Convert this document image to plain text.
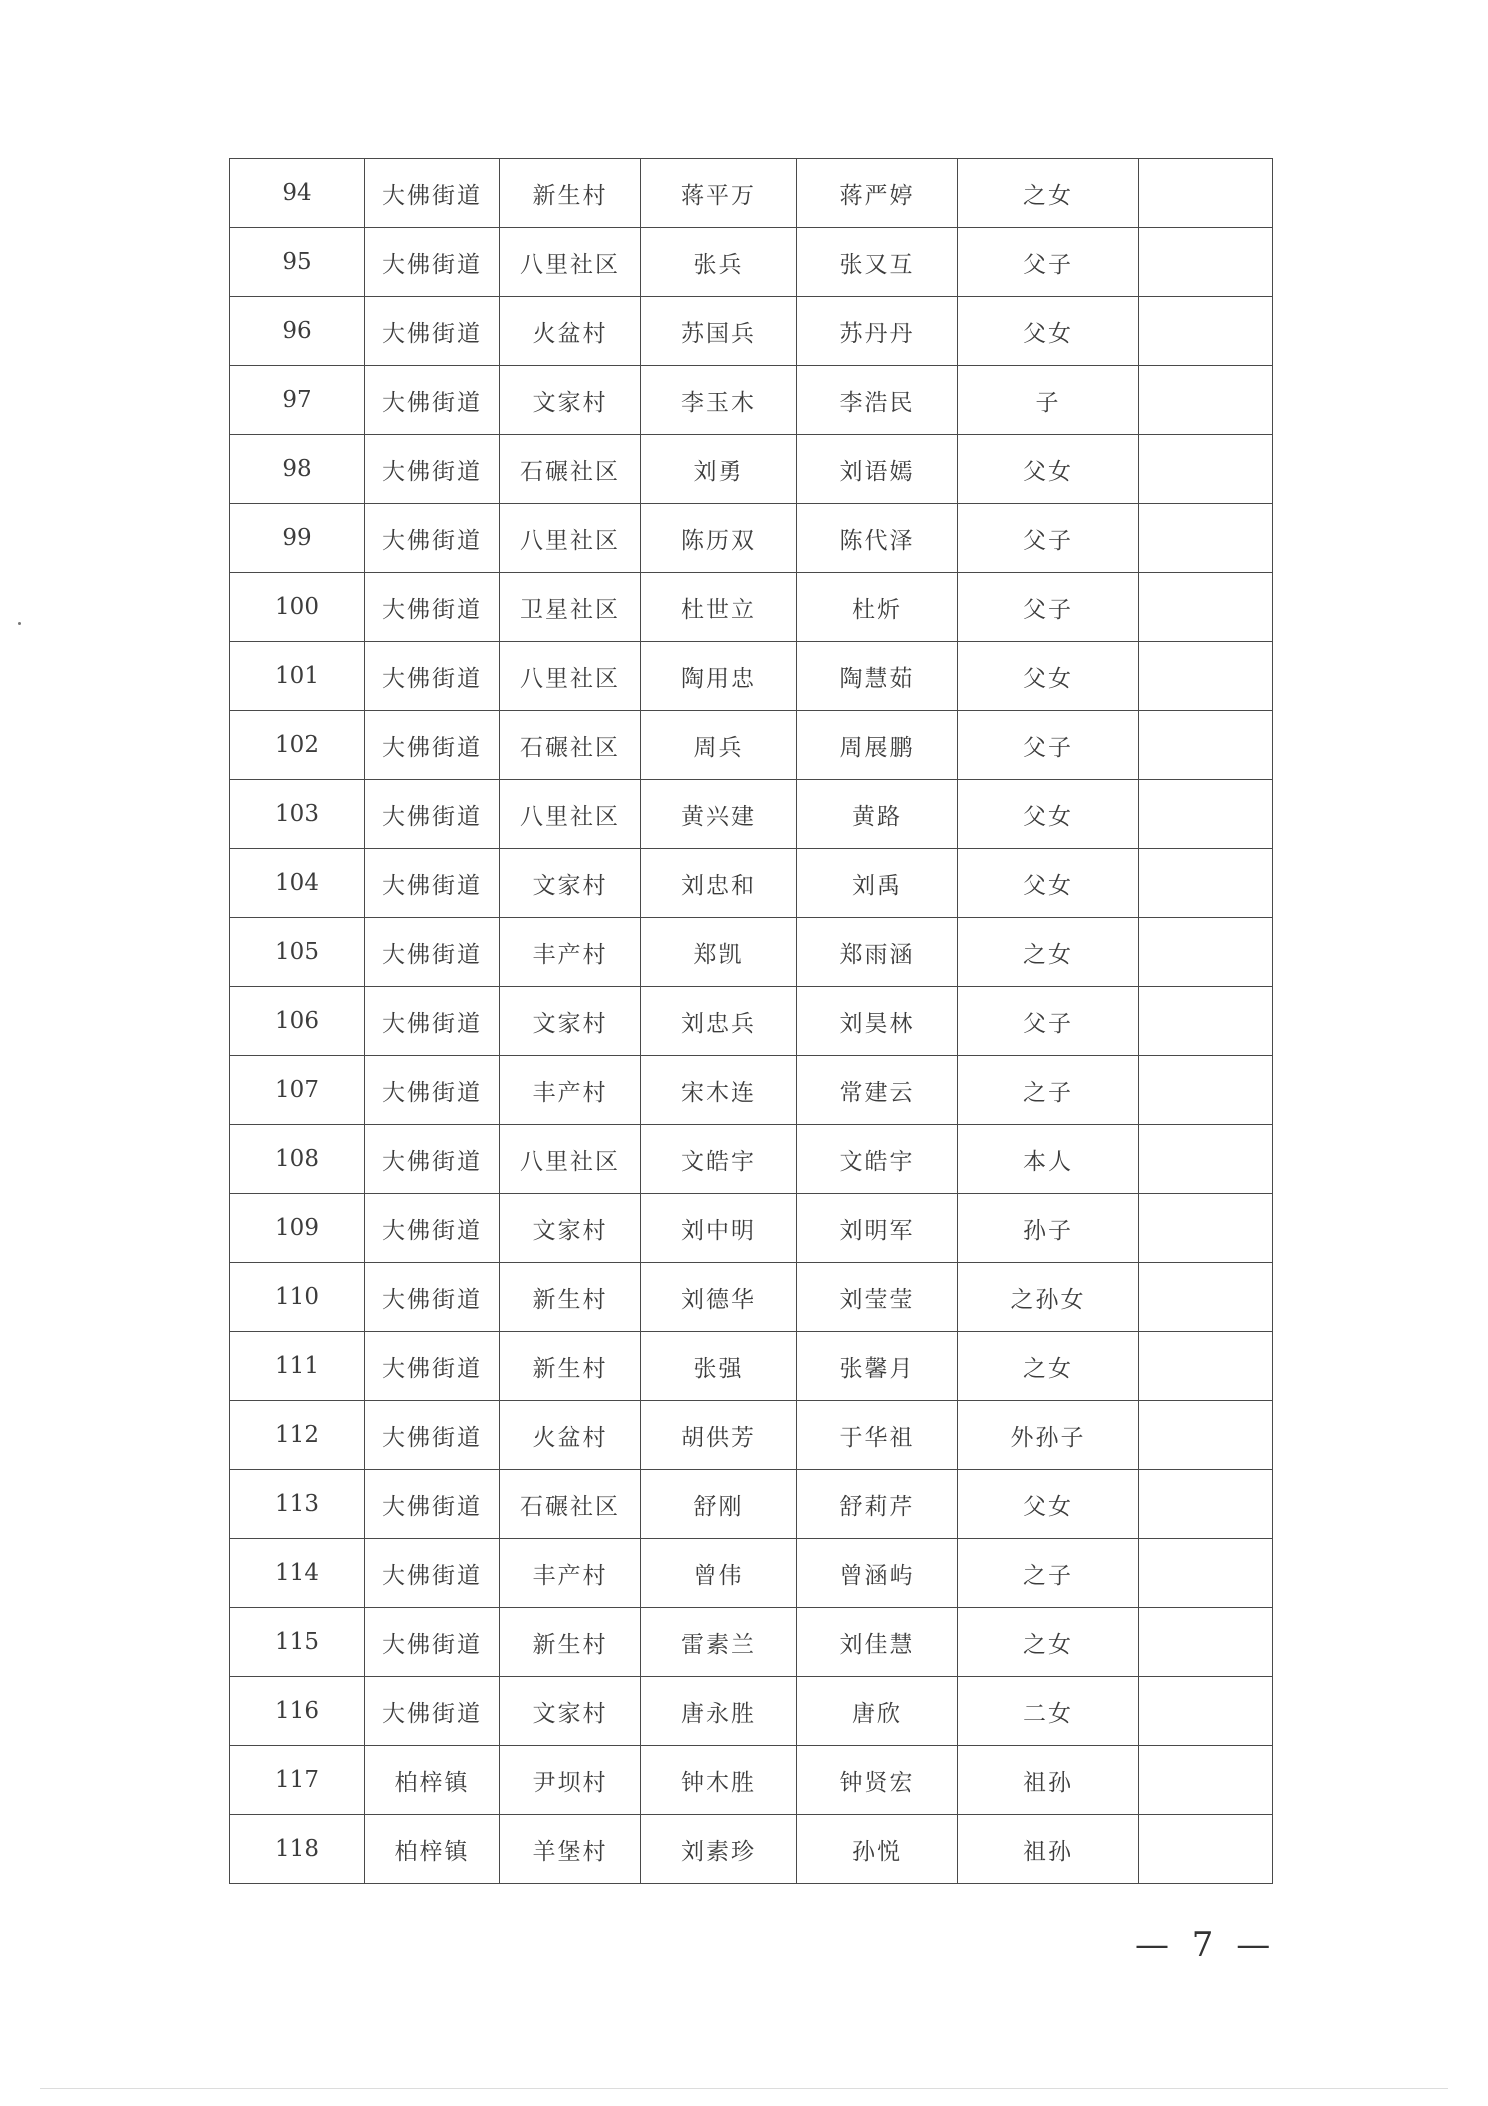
94	大佛街道	新生村	蒋平万	蒋严婷	之女	
95	大佛街道	八里社区	张兵	张又互	父子	
96	大佛街道	火盆村	苏国兵	苏丹丹	父女	
97	大佛街道	文家村	李玉木	李浩民	子	
98	大佛街道	石碾社区	刘勇	刘语嫣	父女	
99	大佛街道	八里社区	陈历双	陈代泽	父子	
100	大佛街道	卫星社区	杜世立	杜炘	父子	
101	大佛街道	八里社区	陶用忠	陶慧茹	父女	
102	大佛街道	石碾社区	周兵	周展鹏	父子	
103	大佛街道	八里社区	黄兴建	黄路	父女	
104	大佛街道	文家村	刘忠和	刘禹	父女	
105	大佛街道	丰产村	郑凯	郑雨涵	之女	
106	大佛街道	文家村	刘忠兵	刘昊林	父子	
107	大佛街道	丰产村	宋木连	常建云	之子	
108	大佛街道	八里社区	文皓宇	文皓宇	本人	
109	大佛街道	文家村	刘中明	刘明军	孙子	
110	大佛街道	新生村	刘德华	刘莹莹	之孙女	
111	大佛街道	新生村	张强	张馨月	之女	
112	大佛街道	火盆村	胡供芳	于华祖	外孙子	
113	大佛街道	石碾社区	舒刚	舒莉芹	父女	
114	大佛街道	丰产村	曾伟	曾涵屿	之子	
115	大佛街道	新生村	雷素兰	刘佳慧	之女	
116	大佛街道	文家村	唐永胜	唐欣	二女	
117	柏梓镇	尹坝村	钟木胜	钟贤宏	祖孙	
118	柏梓镇	羊堡村	刘素珍	孙悦	祖孙	
— 7 —
